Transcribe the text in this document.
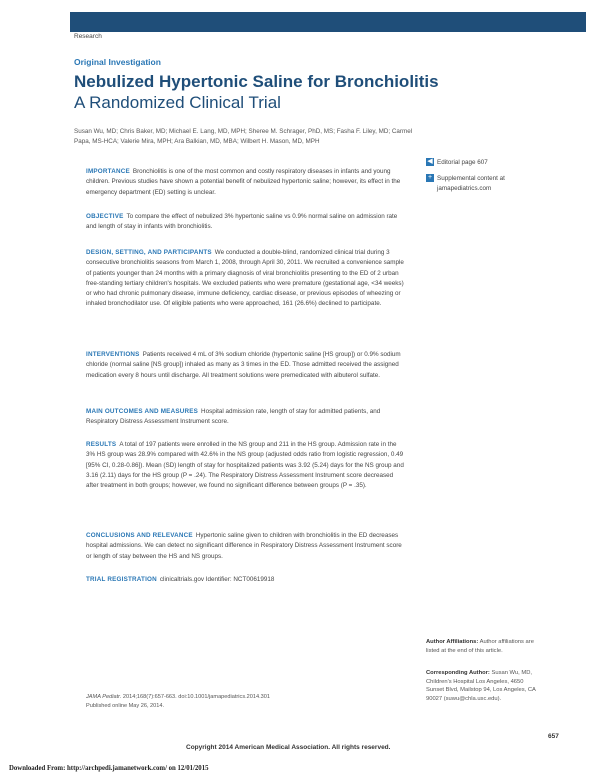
Research
Original Investigation
Nebulized Hypertonic Saline for Bronchiolitis
A Randomized Clinical Trial
Susan Wu, MD; Chris Baker, MD; Michael E. Lang, MD, MPH; Sheree M. Schrager, PhD, MS; Fasha F. Liley, MD; Carmel Papa, MS-HCA; Valerie Mira, MPH; Ara Balkian, MD, MBA; Wilbert H. Mason, MD, MPH

IMPORTANCE Bronchiolitis is one of the most common and costly respiratory diseases in infants and young children. Previous studies have shown a potential benefit of nebulized hypertonic saline; however, its effect in the emergency department (ED) setting is unclear.

OBJECTIVE To compare the effect of nebulized 3% hypertonic saline vs 0.9% normal saline on admission rate and length of stay in infants with bronchiolitis.

DESIGN, SETTING, AND PARTICIPANTS We conducted a double-blind, randomized clinical trial during 3 consecutive bronchiolitis seasons from March 1, 2008, through April 30, 2011. We recruited a convenience sample of patients younger than 24 months with a primary diagnosis of viral bronchiolitis presenting to the ED of 2 urban free-standing tertiary children's hospitals. We excluded patients who were premature (gestational age, <34 weeks) or who had chronic pulmonary disease, immune deficiency, cardiac disease, or previous episodes of wheezing or inhaled bronchodilator use. Of eligible patients who were approached, 161 (26.6%) declined to participate.

INTERVENTIONS Patients received 4 mL of 3% sodium chloride (hypertonic saline [HS group]) or 0.9% sodium chloride (normal saline [NS group]) inhaled as many as 3 times in the ED. Those admitted received the assigned medication every 8 hours until discharge. All treatment solutions were premedicated with albuterol sulfate.

MAIN OUTCOMES AND MEASURES Hospital admission rate, length of stay for admitted patients, and Respiratory Distress Assessment Instrument score.

RESULTS A total of 197 patients were enrolled in the NS group and 211 in the HS group. Admission rate in the 3% HS group was 28.9% compared with 42.6% in the NS group (adjusted odds ratio from logistic regression, 0.49 [95% CI, 0.28-0.86]). Mean (SD) length of stay for hospitalized patients was 3.92 (5.24) days for the NS group and 3.16 (2.11) days for the HS group (P = .24). The Respiratory Distress Assessment Instrument score decreased after treatment in both groups; however, we found no significant difference between groups (P = .35).

CONCLUSIONS AND RELEVANCE Hypertonic saline given to children with bronchiolitis in the ED decreases hospital admissions. We can detect no significant difference in Respiratory Distress Assessment Instrument score or length of stay between the HS and NS groups.

TRIAL REGISTRATION clinicaltrials.gov Identifier: NCT00619918

◀ Editorial page 607
+ Supplemental content at jamapediatrics.com
Author Affiliations: Author affiliations are listed at the end of this article.
Corresponding Author: Susan Wu, MD, Children's Hospital Los Angeles, 4650 Sunset Blvd, Mailstop 94, Los Angeles, CA 90027 (suwu@chla.usc.edu).
JAMA Pediatr. 2014;168(7):657-663. doi:10.1001/jamapediatrics.2014.301
Published online May 26, 2014.
657
Copyright 2014 American Medical Association. All rights reserved.
Downloaded From: http://archpedi.jamanetwork.com/ on 12/01/2015
